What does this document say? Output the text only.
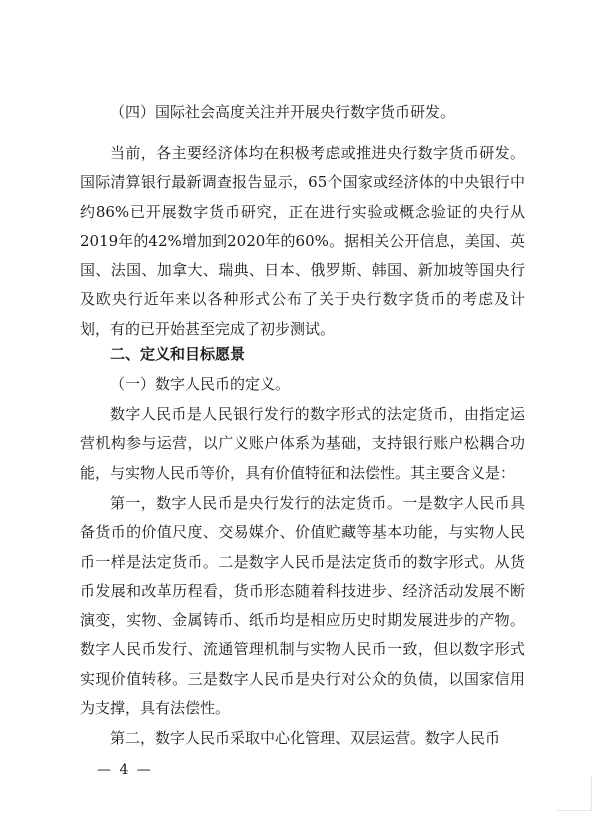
（四）国际社会高度关注并开展央行数字货币研发。

当前，各主要经济体均在积极考虑或推进央行数字货币研发。国际清算银行最新调查报告显示，65个国家或经济体的中央银行中约86%已开展数字货币研究，正在进行实验或概念验证的央行从2019年的42%增加到2020年的60%。据相关公开信息，美国、英国、法国、加拿大、瑞典、日本、俄罗斯、韩国、新加坡等国央行及欧央行近年来以各种形式公布了关于央行数字货币的考虑及计划，有的已开始甚至完成了初步测试。

二、定义和目标愿景

（一）数字人民币的定义。

数字人民币是人民银行发行的数字形式的法定货币，由指定运营机构参与运营，以广义账户体系为基础，支持银行账户松耦合功能，与实物人民币等价，具有价值特征和法偿性。其主要含义是：

第一，数字人民币是央行发行的法定货币。一是数字人民币具备货币的价值尺度、交易媒介、价值贮藏等基本功能，与实物人民币一样是法定货币。二是数字人民币是法定货币的数字形式。从货币发展和改革历程看，货币形态随着科技进步、经济活动发展不断演变，实物、金属铸币、纸币均是相应历史时期发展进步的产物。数字人民币发行、流通管理机制与实物人民币一致，但以数字形式实现价值转移。三是数字人民币是央行对公众的负债，以国家信用为支撑，具有法偿性。

第二，数字人民币采取中心化管理、双层运营。数字人民币

— 4 —
